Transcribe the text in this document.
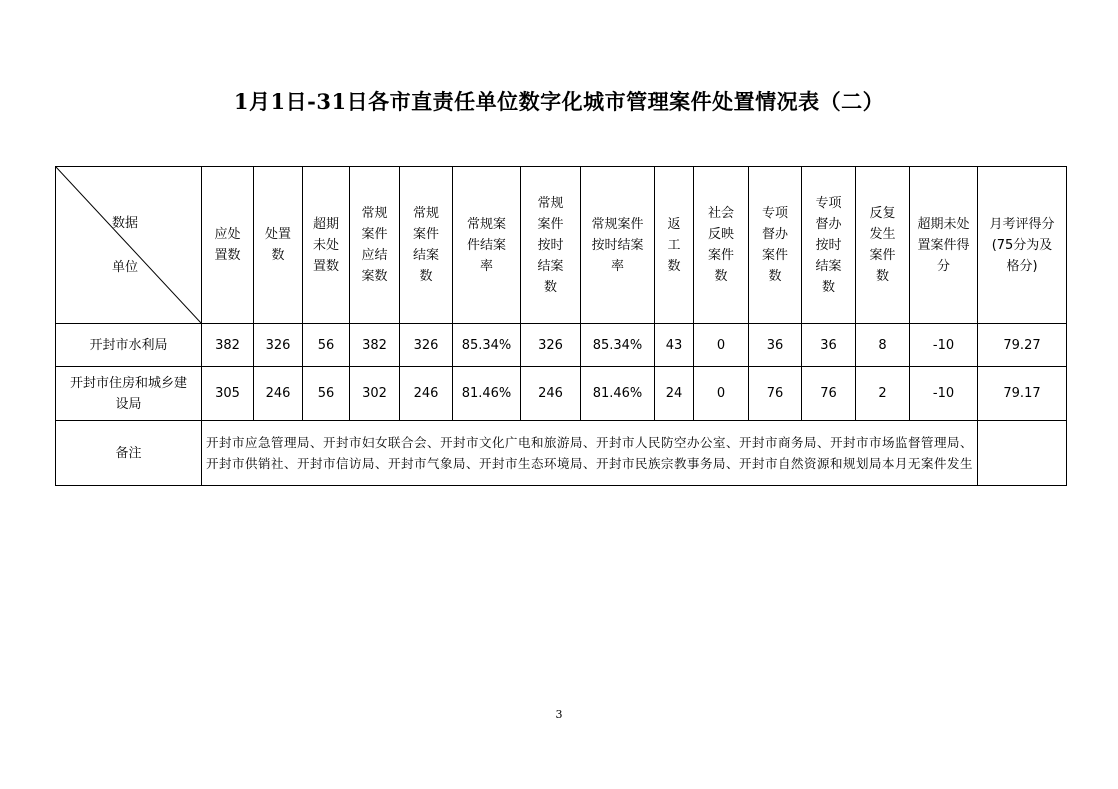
1月1日-31日各市直责任单位数字化城市管理案件处置情况表（二）
数据
单位	应处置数	处置数	超期未处置数	常规案件应结案数	常规案件结案数	常规案件结案率	常规案件按时结案数	常规案件按时结案率	返工数	社会反映案件数	专项督办案件数	专项督办按时结案数	反复发生案件数	超期未处置案件得分	月考评得分(75分为及格分)
开封市水利局	382	326	56	382	326	85.34%	326	85.34%	43	0	36	36	8	-10	79.27
开封市住房和城乡建设局	305	246	56	302	246	81.46%	246	81.46%	24	0	76	76	2	-10	79.17
备注	开封市应急管理局、开封市妇女联合会、开封市文化广电和旅游局、开封市人民防空办公室、开封市商务局、开封市市场监督管理局、开封市供销社、开封市信访局、开封市气象局、开封市生态环境局、开封市民族宗教事务局、开封市自然资源和规划局本月无案件发生														
3
